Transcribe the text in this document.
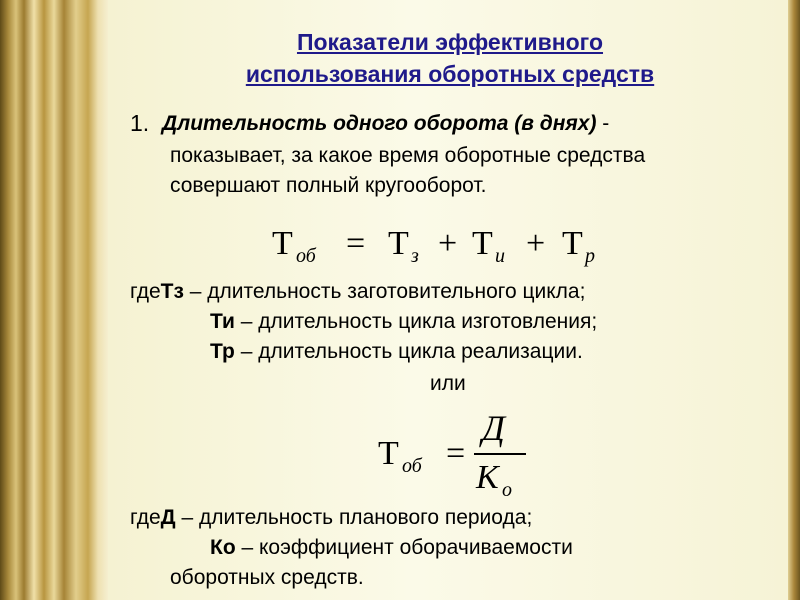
Показатели эффективного
использования оборотных средств
1. Длительность одного оборота (в днях) -
показывает, за какое время оборотные средства
совершают полный кругооборот.
T об = T з + T и + T р
гдеТз – длительность заготовительного цикла;
Ти – длительность цикла изготовления;
Тр – длительность цикла реализации.
или
T об =
Д
K o
гдеД – длительность планового периода;
Ко – коэффициент оборачиваемости
оборотных средств.
